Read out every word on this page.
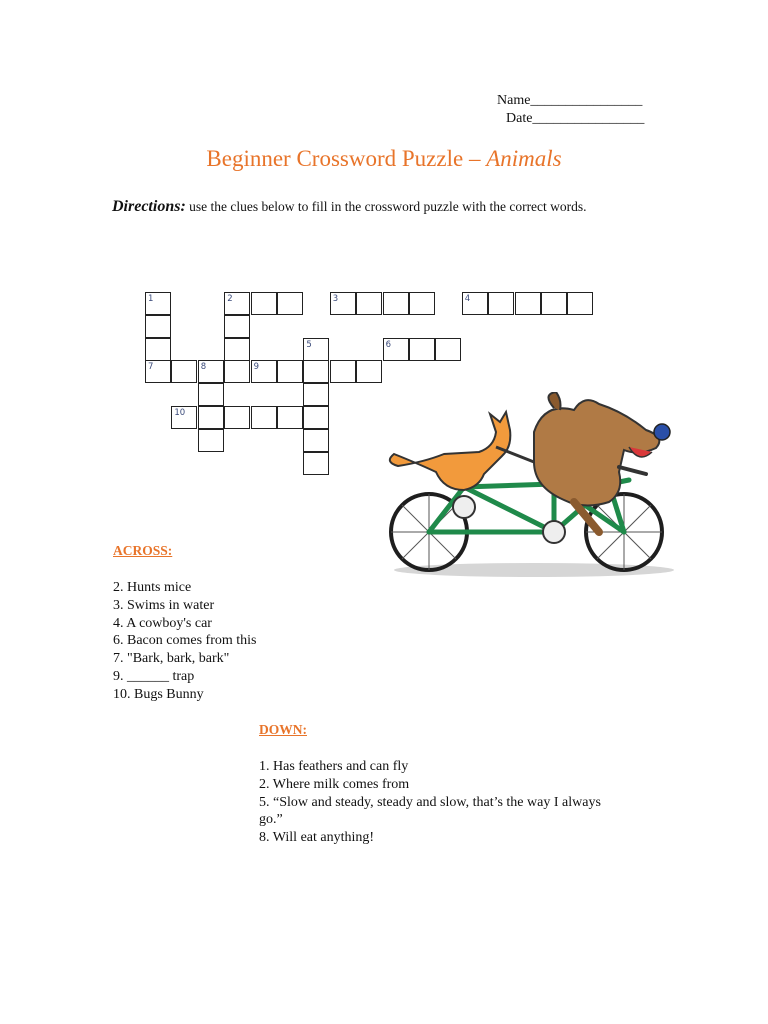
Name________________
Date________________
Beginner Crossword Puzzle – Animals
Directions: use the clues below to fill in the crossword puzzle with the correct words.
1	2	3	4
5	6
7	8	9
10
ACROSS:
2. Hunts mice
3. Swims in water
4. A cowboy's car
6. Bacon comes from this
7. "Bark, bark, bark"
9. ______ trap
10. Bugs Bunny
DOWN:
1. Has feathers and can fly
2. Where milk comes from
5. “Slow and steady, steady and slow, that’s the way I always go.”
8. Will eat anything!
